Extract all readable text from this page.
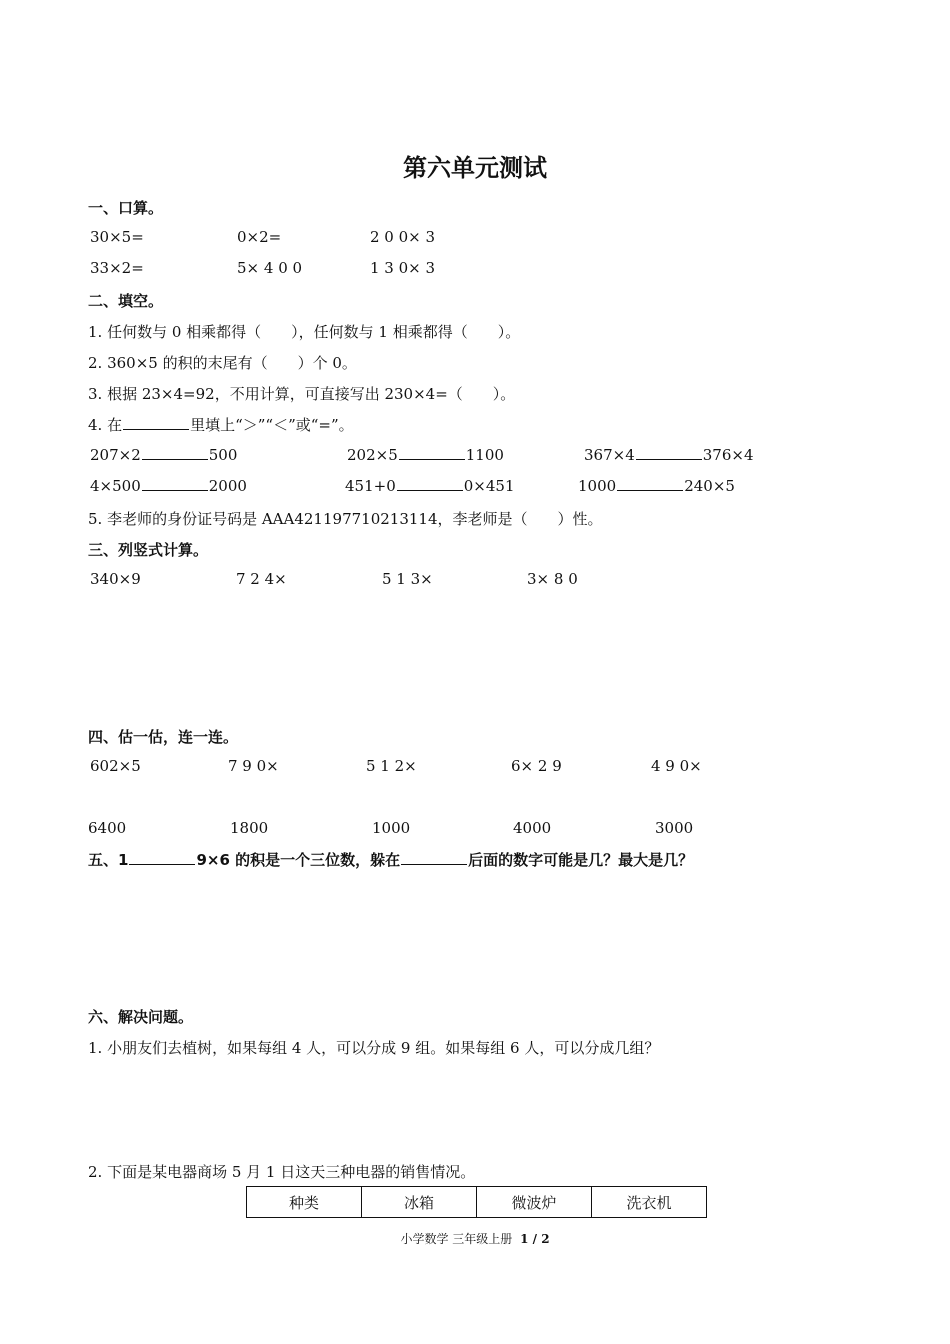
第六单元测试
一、口算。
30×5=	0×2=	2 0 0× 3
33×2=	5× 4 0 0	1 3 0× 3
二、填空。
1. 任何数与 0 相乘都得（　　），任何数与 1 相乘都得（　　）。
2. 360×5 的积的末尾有（　　）个 0。
3. 根据 23×4=92，不用计算，可直接写出 230×4=（　　）。
4. 在	里填上“＞”“＜”或“=”。
207×2	500	202×5	1100	367×4	376×4
4×500	2000	451+0	0×451	1000	240×5
5. 李老师的身份证号码是 AAA421197710213114，李老师是（　　）性。
三、列竖式计算。
340×9	7 2 4×	5 1 3×	3× 8 0
四、估一估，连一连。
602×5	7 9 0×	5 1 2×	6× 2 9	4 9 0×
6400	1800	1000	4000	3000
五、1	9×6 的积是一个三位数，躲在	后面的数字可能是几？最大是几？
六、解决问题。
1. 小朋友们去植树，如果每组 4 人，可以分成 9 组。如果每组 6 人，可以分成几组？
2. 下面是某电器商场 5 月 1 日这天三种电器的销售情况。
种类	冰箱	微波炉	洗衣机
小学数学 三年级上册 1 / 2
